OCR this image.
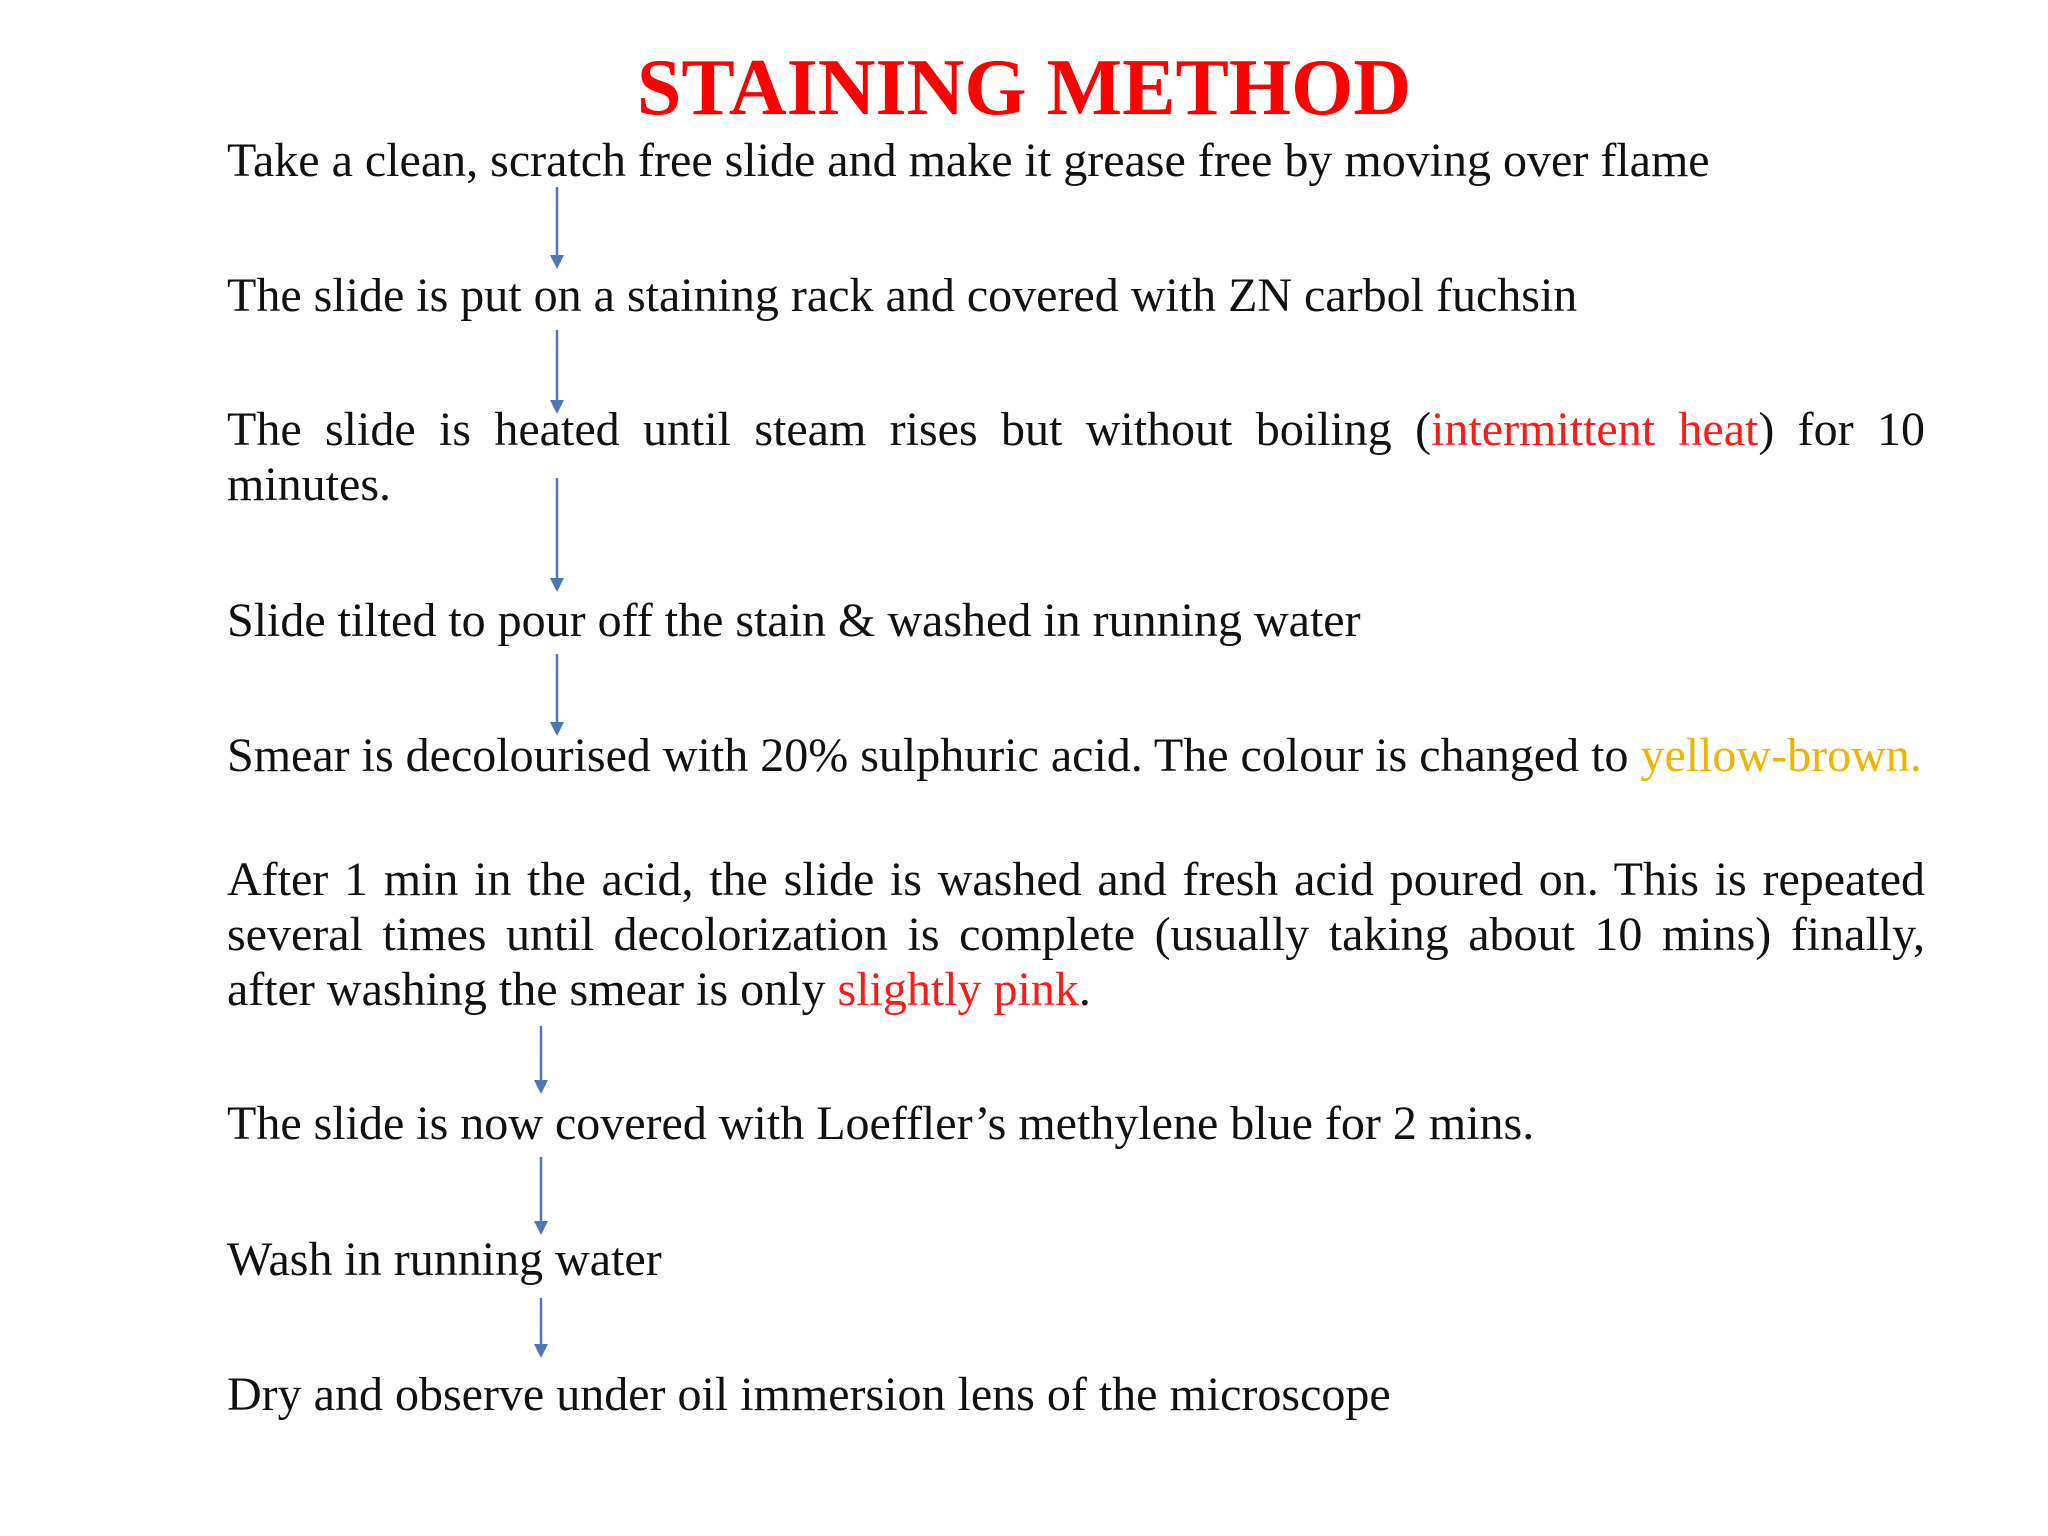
STAINING METHOD
Take a clean, scratch free slide and make it grease free by moving over flame
The slide is put on a staining rack and covered with ZN carbol fuchsin
The slide is heated until steam rises but without boiling (intermittent heat) for 10 minutes.
Slide tilted to pour off the stain & washed in running water
Smear is decolourised with 20% sulphuric acid. The colour is changed to yellow-brown.
After 1 min in the acid, the slide is washed and fresh acid poured on. This is repeated several times until decolorization is complete (usually taking about 10 mins) finally, after washing the smear is only slightly pink.
The slide is now covered with Loeffler’s methylene blue for 2 mins.
Wash in running water
Dry and observe under oil immersion lens of the microscope
